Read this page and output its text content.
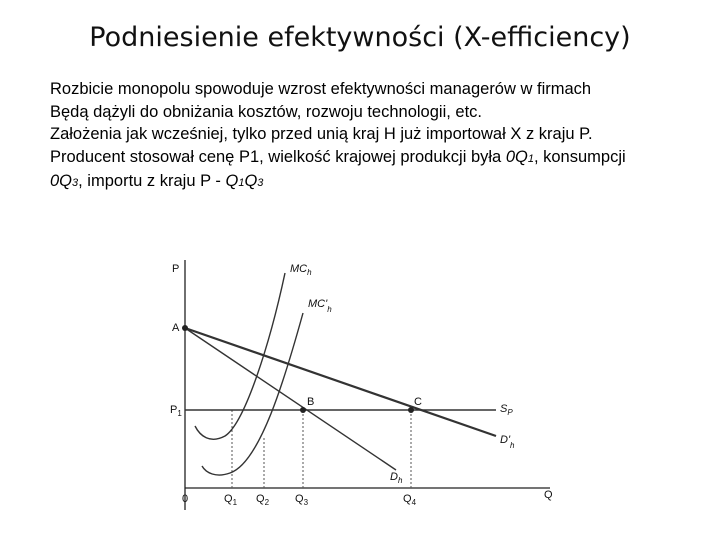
Podniesienie efektywności (X-efficiency)
Rozbicie monopolu spowoduje wzrost efektywności managerów w firmach
Będą dążyli do obniżania kosztów, rozwoju technologii, etc.
Założenia jak wcześniej, tylko przed unią kraj H już importował X z kraju P.
Producent stosował cenę P1, wielkość krajowej produkcji była 0Q1, konsumpcji
0Q3, importu z kraju P - Q1Q3
P
Q
0
A
B	C
$P_1$
$MC_h$
$MC'_h$
$D_h$
$D'_h$
$S_P$
$Q_1$ $Q_2$ $Q_3$	$Q_4$
